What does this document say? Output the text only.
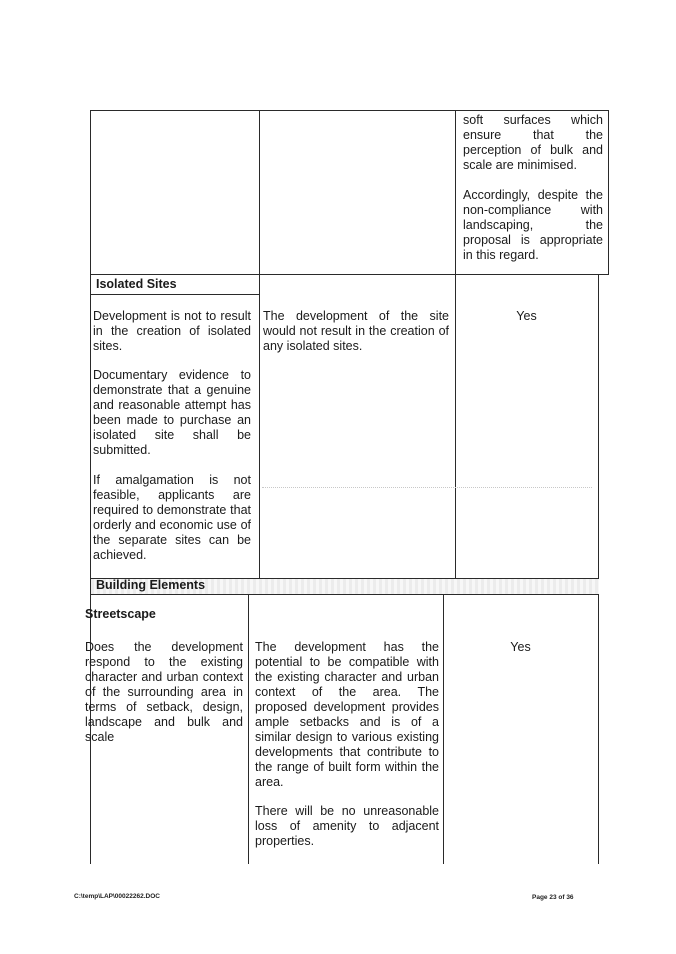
soft surfaces which ensure that the perception of bulk and scale are minimised.

Accordingly, despite the non-compliance with landscaping, the proposal is appropriate in this regard.

Isolated Sites

Development is not to result in the creation of isolated sites.

Documentary evidence to demonstrate that a genuine and reasonable attempt has been made to purchase an isolated site shall be submitted.

If amalgamation is not feasible, applicants are required to demonstrate that orderly and economic use of the separate sites can be achieved.

The development of the site would not result in the creation of any isolated sites.

Yes

Building Elements
Streetscape

Does the development respond to the existing character and urban context of the surrounding area in terms of setback, design, landscape and bulk and scale

The development has the potential to be compatible with the existing character and urban context of the area. The proposed development provides ample setbacks and is of a similar design to various existing developments that contribute to the range of built form within the area.

There will be no unreasonable loss of amenity to adjacent properties.

Yes

C:\temp\LAP\00022262.DOC	Page 23 of 36
